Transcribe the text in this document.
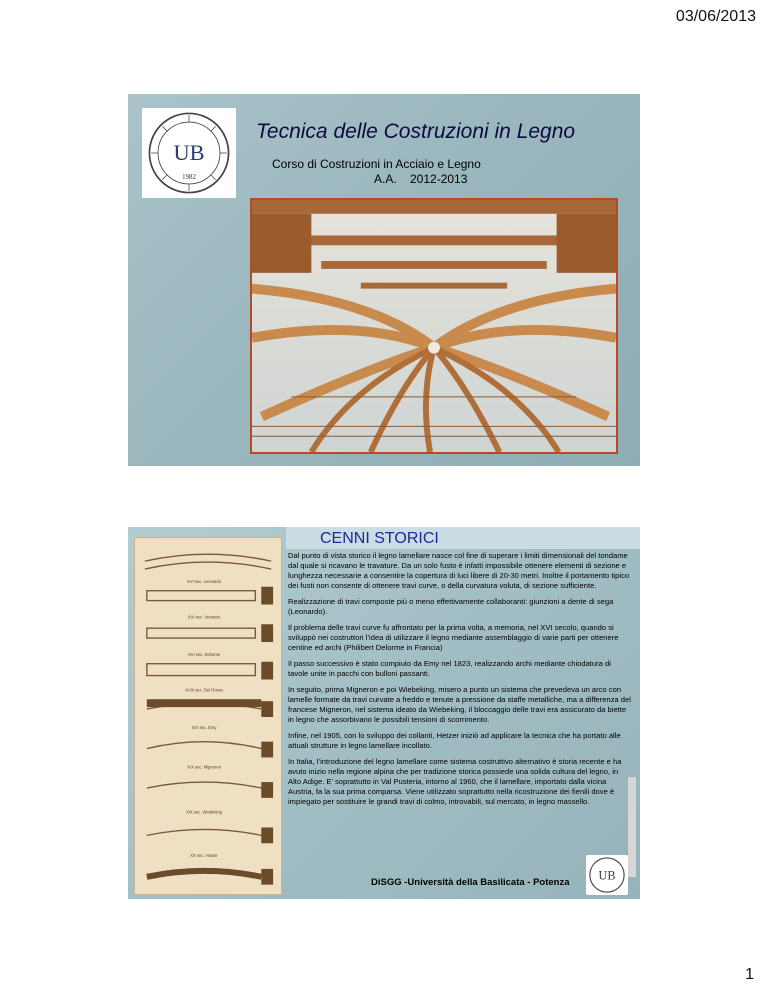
03/06/2013
UB
1982
Tecnica delle Costruzioni in Legno
Corso di Costruzioni in Acciaio e Legno
A.A.    2012-2013
CENNI STORICI
XVI sec. Leonardo
XVI sec. Veranzio
XVI sec. Delorme
XVIII sec. Del Rosso
XIX sec. Emy
XIX sec. Migneron
XIX sec. Wiebeking
XX sec. Hetzer

Dal punto di vista storico il legno lamellare nasce col fine di superare i limiti dimensionali del tondame dal quale si ricavano le travature. Da un solo fusto è infatti impossibile ottenere elementi di sezione e lunghezza necessarie a consentire la copertura di luci libere di 20-30 metri. Inoltre il portamento tipico dei fusti non consente di ottenere travi curve, o della curvatura voluta, di sezione sufficiente.

Realizzazione di travi composte più o meno effettivamente collaboranti: giunzioni a dente di sega (Leonardo).

Il problema delle travi curve fu affrontato per la prima volta, a memoria, nel XVI secolo, quando si sviluppò nei costruttori l’idea di utilizzare il legno mediante assemblaggio di varie parti per ottenere centine ed archi (Philibert Delorme in Francia)

Il passo successivo è stato compiuto da Emy nel 1823, realizzando archi mediante chiodatura di tavole unite in pacchi con bulloni passanti.

In seguito, prima Migneron e poi Wiebeking, misero a punto un sistema che prevedeva un arco con lamelle formate da travi curvate a freddo e tenute a pressione da staffe metalliche, ma a differenza del francese Migneron, nel sistema ideato da Wiebeking, il bloccaggio delle travi era assicurato da biette in legno che assorbivano le possibili tensioni di scorrimento.

Infine, nel 1905, con lo sviluppo dei collanti, Hetzer iniziò ad applicare la tecnica che ha portato alle attuali strutture in legno lamellare incollato.

In Italia, l’introduzione del legno lamellare come sistema costruttivo alternativo è storia recente e ha avuto inizio nella regione alpina che per tradizione storica possiede una solida cultura del legno, in Alto Adige. E’ soprattutto in Val Pusteria, intorno al 1960, che il lamellare, importato dalla vicina Austria, fa la sua prima comparsa. Viene utilizzato soprattutto nella ricostruzione dei fienili dove è impiegato per sostituire le grandi travi di colmo, introvabili, sul mercato, in legno massello.

DiSGG -Università della Basilicata - Potenza UB
1
